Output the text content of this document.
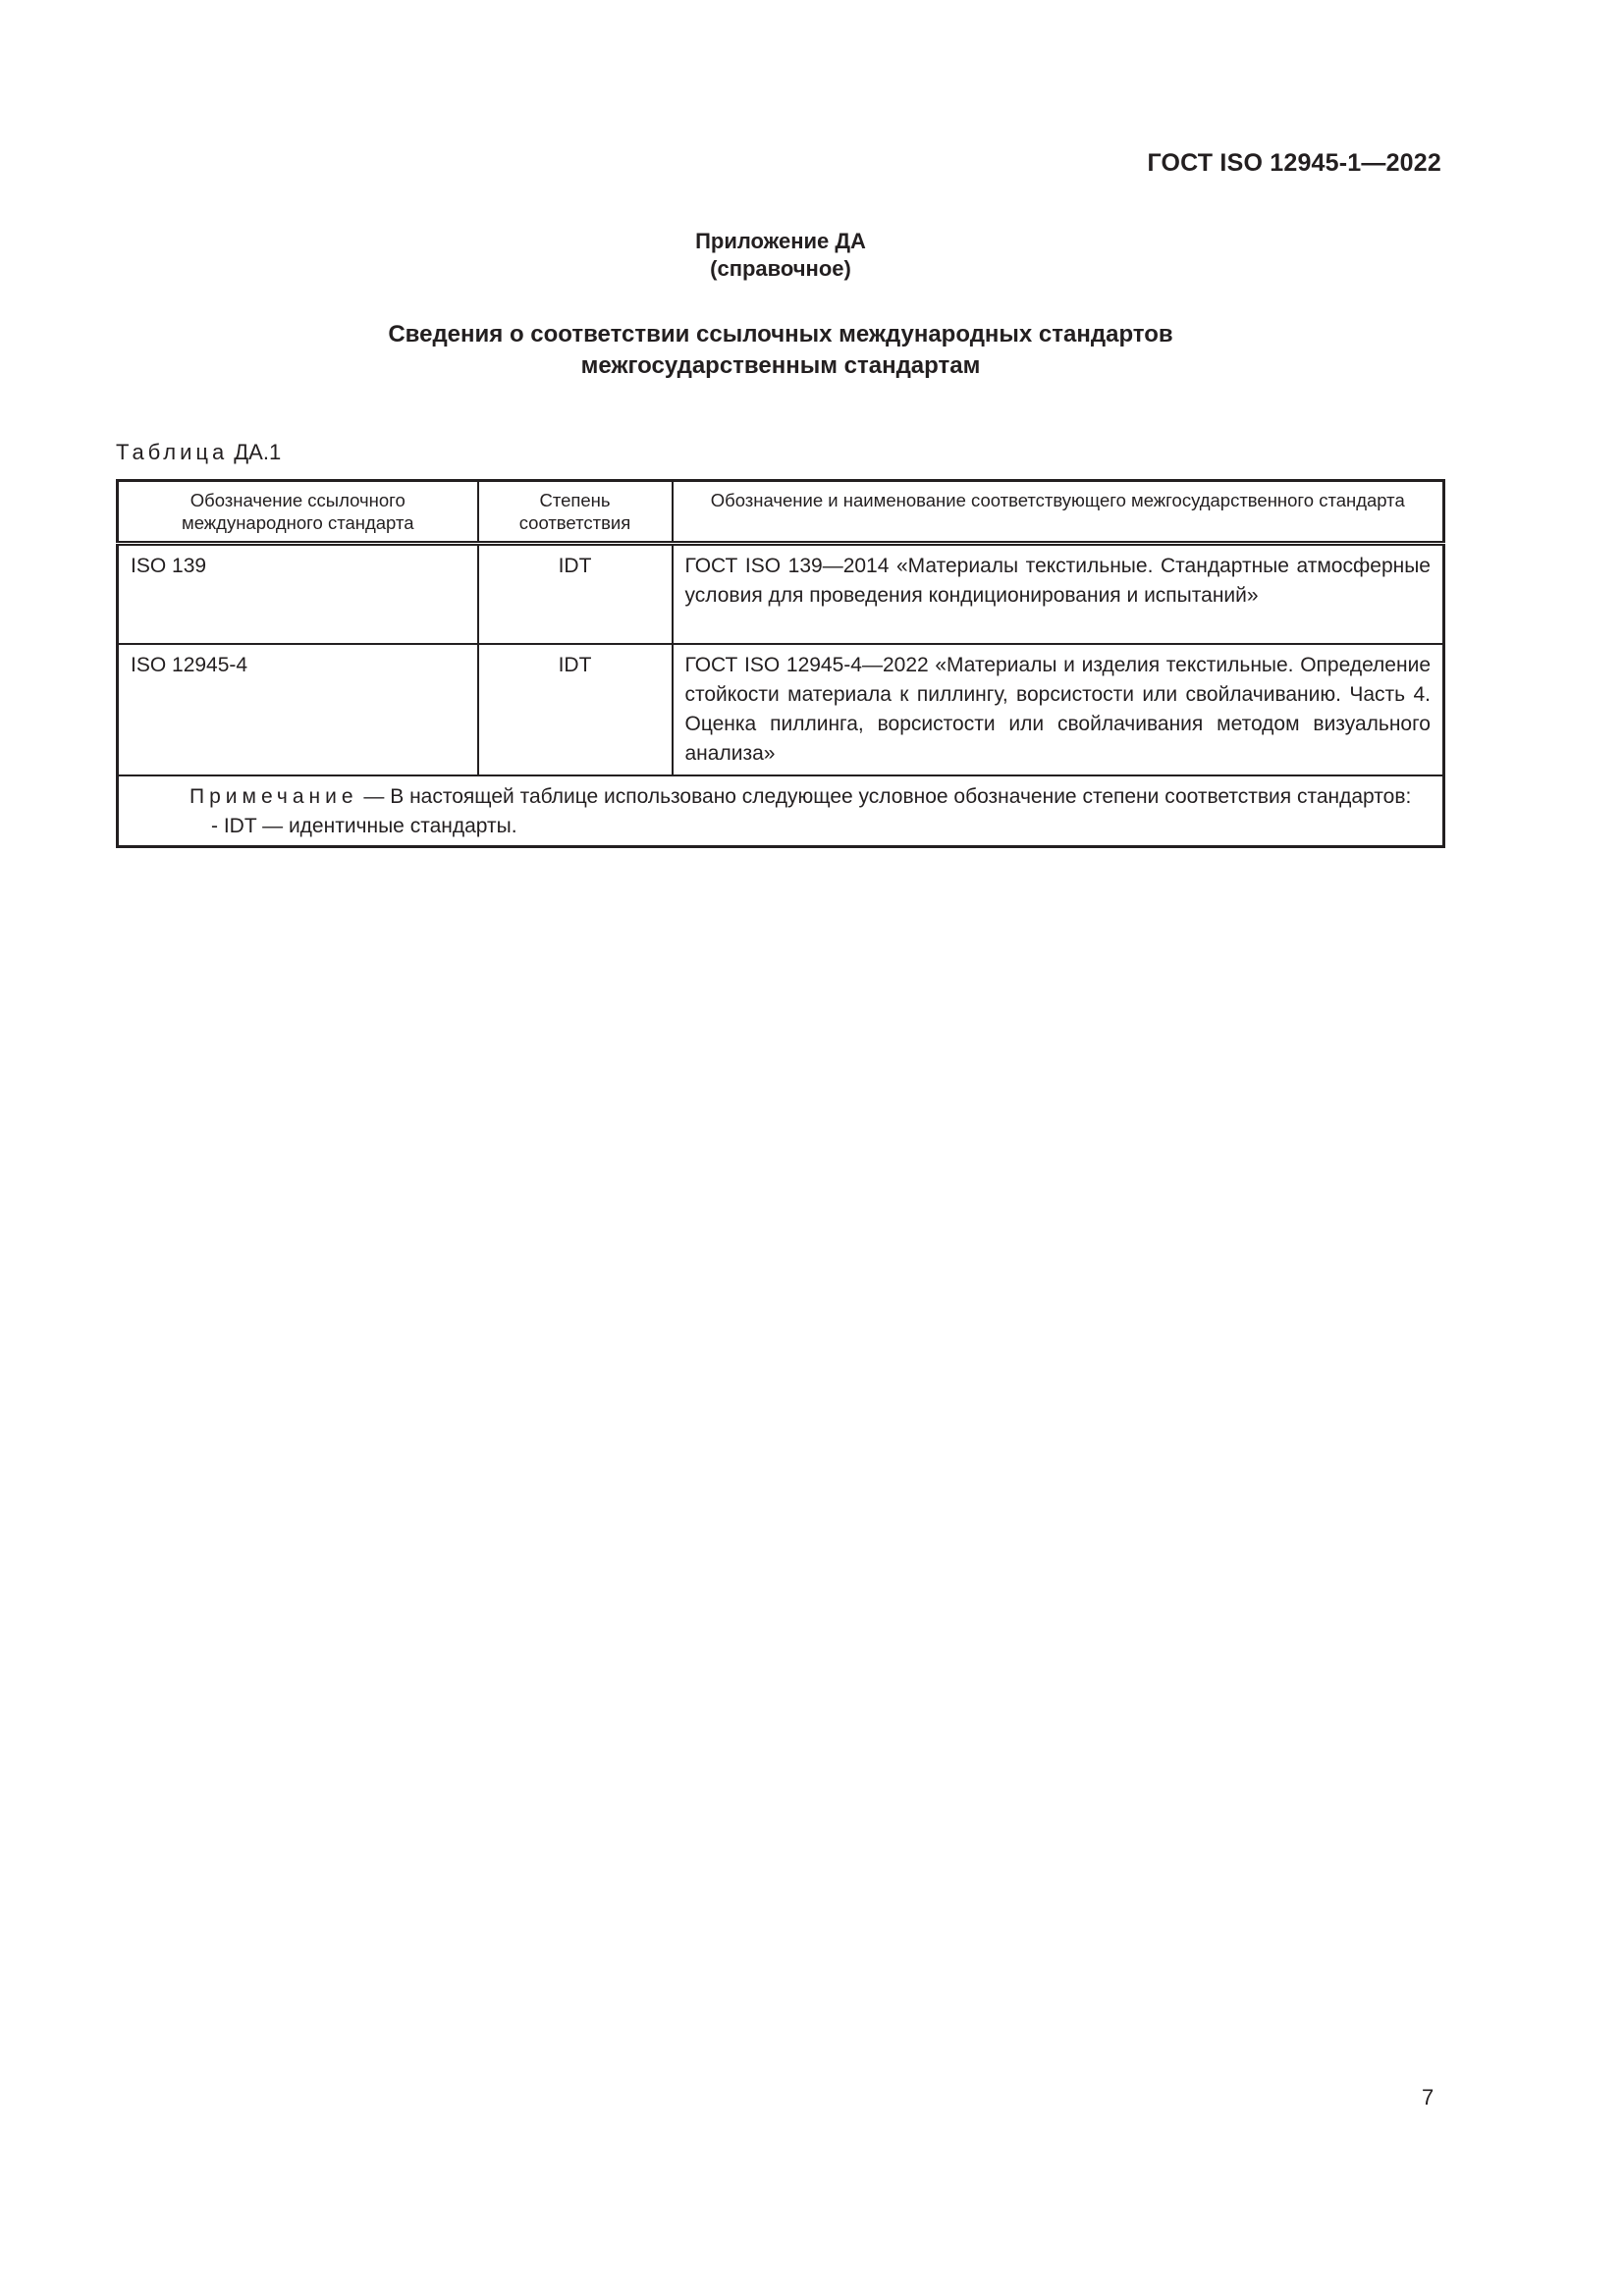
ГОСТ ISO 12945-1—2022
Приложение ДА
(справочное)
Сведения о соответствии ссылочных международных стандартов
межгосударственным стандартам
Таблица ДА.1
Обозначение ссылочного международного стандарта	Степень соответствия	Обозначение и наименование соответствующего межгосударственного стандарта
ISO 139	IDT	ГОСТ ISO 139—2014 «Материалы текстильные. Стандартные атмосферные условия для проведения кондиционирования и испытаний»
ISO 12945-4	IDT	ГОСТ ISO 12945-4—2022 «Материалы и изделия текстильные. Определение стойкости материала к пиллингу, ворсистости или свойлачиванию. Часть 4. Оценка пиллинга, ворсистости или свойлачивания методом визуального анализа»

Примечание — В настоящей таблице использовано следующее условное обозначение степени соответствия стандартов:
- IDT — идентичные стандарты.		
7
